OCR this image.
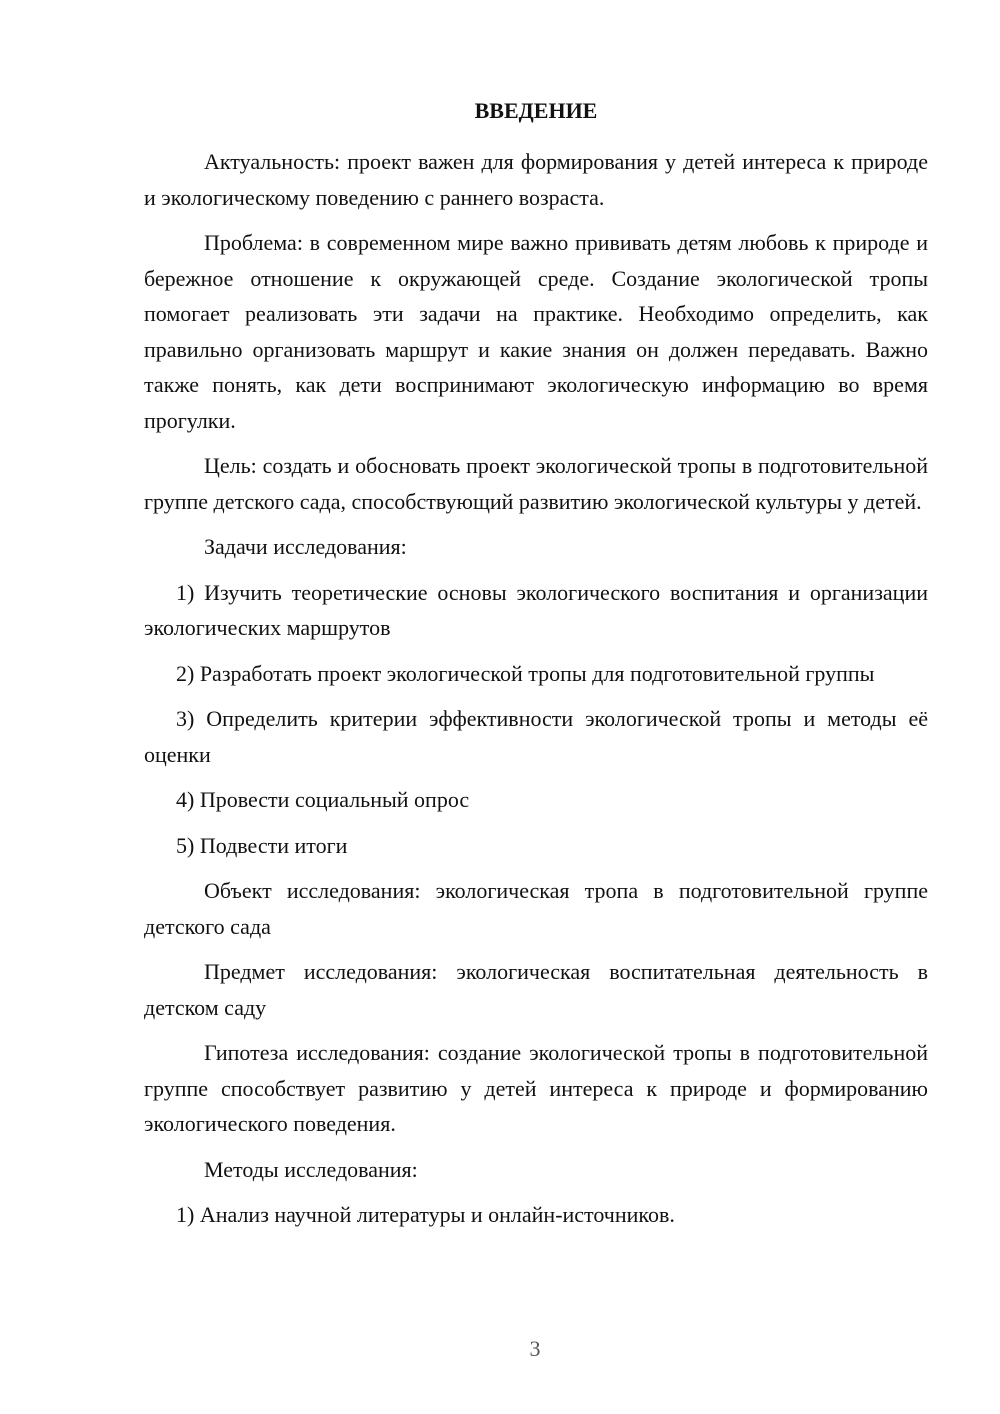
ВВЕДЕНИЕ

Актуальность: проект важен для формирования у детей интереса к природе и экологическому поведению с раннего возраста.

Проблема: в современном мире важно прививать детям любовь к природе и бережное отношение к окружающей среде. Создание экологической тропы помогает реализовать эти задачи на практике. Необходимо определить, как правильно организовать маршрут и какие знания он должен передавать. Важно также понять, как дети воспринимают экологическую информацию во время прогулки.

Цель: создать и обосновать проект экологической тропы в подготовительной группе детского сада, способствующий развитию экологической культуры у детей.

Задачи исследования:

1) Изучить теоретические основы экологического воспитания и организации экологических маршрутов

2) Разработать проект экологической тропы для подготовительной группы

3) Определить критерии эффективности экологической тропы и методы её оценки

4) Провести социальный опрос

5) Подвести итоги

Объект исследования: экологическая тропа в подготовительной группе детского сада

Предмет исследования: экологическая воспитательная деятельность в детском саду

Гипотеза исследования: создание экологической тропы в подготовительной группе способствует развитию у детей интереса к природе и формированию экологического поведения.

Методы исследования:

1) Анализ научной литературы и онлайн-источников.

3
